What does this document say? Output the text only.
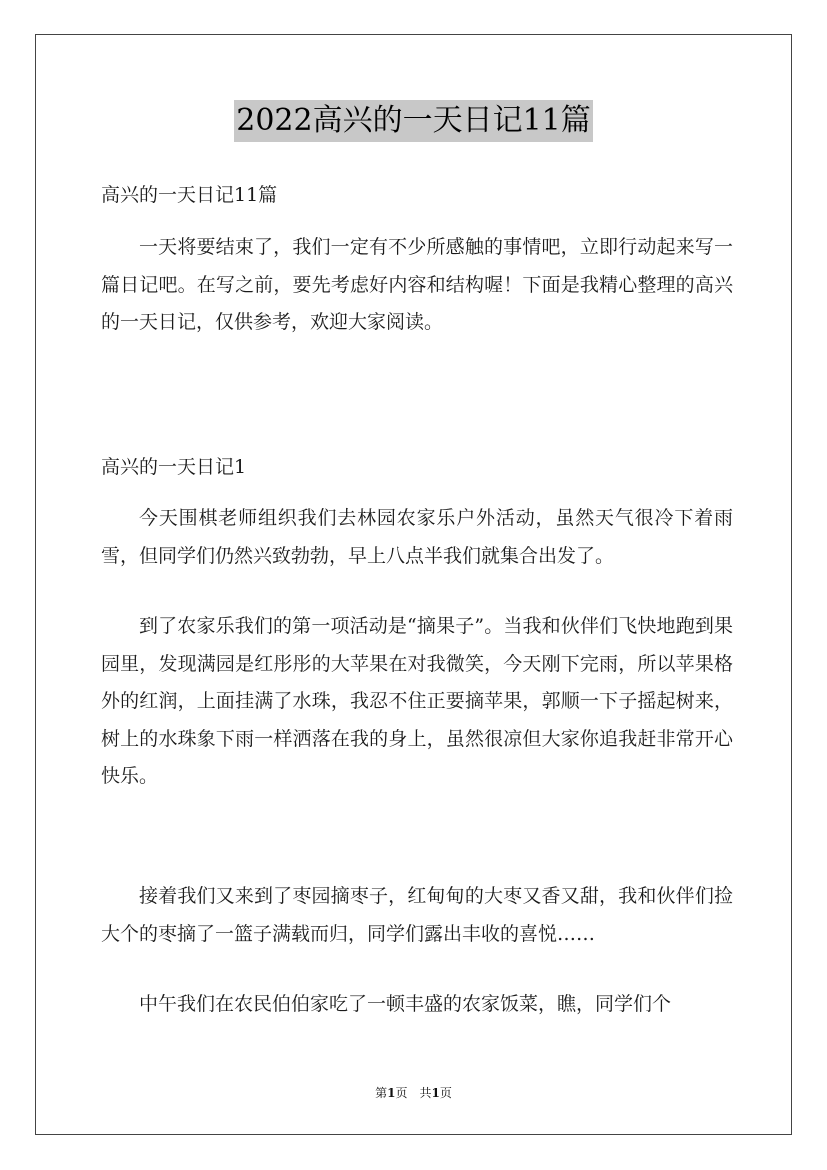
2022高兴的一天日记11篇
高兴的一天日记11篇

一天将要结束了，我们一定有不少所感触的事情吧，立即行动起来写一篇日记吧。在写之前，要先考虑好内容和结构喔！下面是我精心整理的高兴的一天日记，仅供参考，欢迎大家阅读。

高兴的一天日记1

今天围棋老师组织我们去林园农家乐户外活动，虽然天气很冷下着雨雪，但同学们仍然兴致勃勃，早上八点半我们就集合出发了。

到了农家乐我们的第一项活动是“摘果子”。当我和伙伴们飞快地跑到果园里，发现满园是红彤彤的大苹果在对我微笑，今天刚下完雨，所以苹果格外的红润，上面挂满了水珠，我忍不住正要摘苹果，郭顺一下子摇起树来，树上的水珠象下雨一样洒落在我的身上，虽然很凉但大家你追我赶非常开心快乐。

接着我们又来到了枣园摘枣子，红甸甸的大枣又香又甜，我和伙伴们捡大个的枣摘了一篮子满载而归，同学们露出丰收的喜悦……

中午我们在农民伯伯家吃了一顿丰盛的农家饭菜，瞧，同学们个

第1页　共1页
